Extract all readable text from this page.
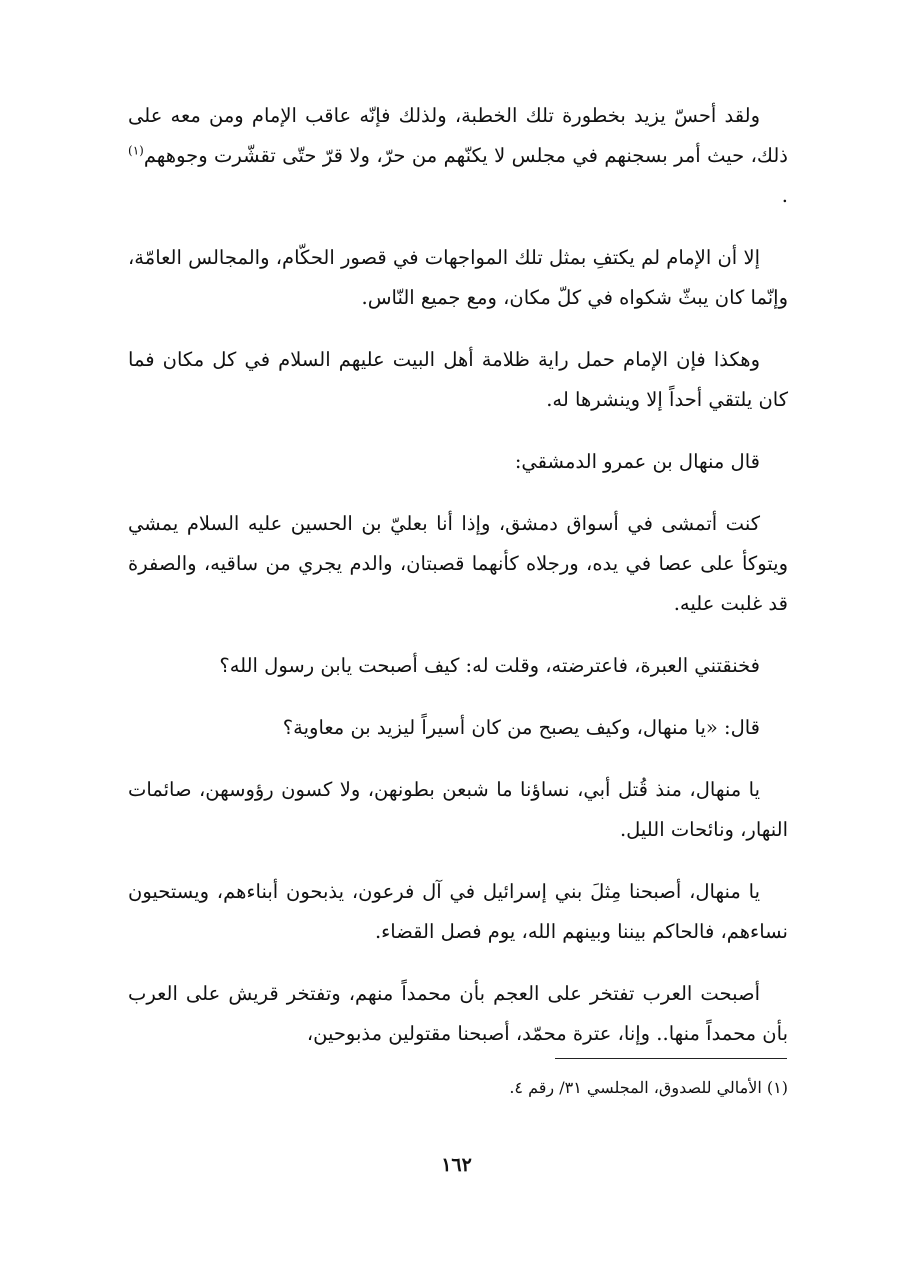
ولقد أحسّ يزيد بخطورة تلك الخطبة، ولذلك فإنّه عاقب الإمام ومن معه على ذلك، حيث أمر بسجنهم في مجلس لا يكنّهم من حرّ، ولا قرّ حتّى تقشّرت وجوههم$^{(١)}$ .

إلا أن الإمام لم يكتفِ بمثل تلك المواجهات في قصور الحكّام، والمجالس العامّة، وإنّما كان يبثّ شكواه في كلّ مكان، ومع جميع النّاس.

وهكذا فإن الإمام حمل راية ظلامة أهل البيت عليهم السلام في كل مكان فما كان يلتقي أحداً إلا وينشرها له.

قال منهال بن عمرو الدمشقي:

كنت أتمشى في أسواق دمشق، وإذا أنا بعليّ بن الحسين عليه السلام يمشي ويتوكأ على عصا في يده، ورجلاه كأنهما قصبتان، والدم يجري من ساقيه، والصفرة قد غلبت عليه.

فخنقتني العبرة، فاعترضته، وقلت له: كيف أصبحت يابن رسول الله؟

قال: «يا منهال، وكيف يصبح من كان أسيراً ليزيد بن معاوية؟

يا منهال، منذ قُتل أبي، نساؤنا ما شبعن بطونهن، ولا كسون رؤوسهن، صائمات النهار، ونائحات الليل.

يا منهال، أصبحنا مِثلَ بني إسرائيل في آل فرعون، يذبحون أبناءهم، ويستحيون نساءهم، فالحاكم بيننا وبينهم الله، يوم فصل القضاء.

أصبحت العرب تفتخر على العجم بأن محمداً منهم، وتفتخر قريش على العرب بأن محمداً منها.. وإنا، عترة محمّد، أصبحنا مقتولين مذبوحين،

(١) الأمالي للصدوق، المجلسي ٣١/ رقم ٤.
١٦٢
